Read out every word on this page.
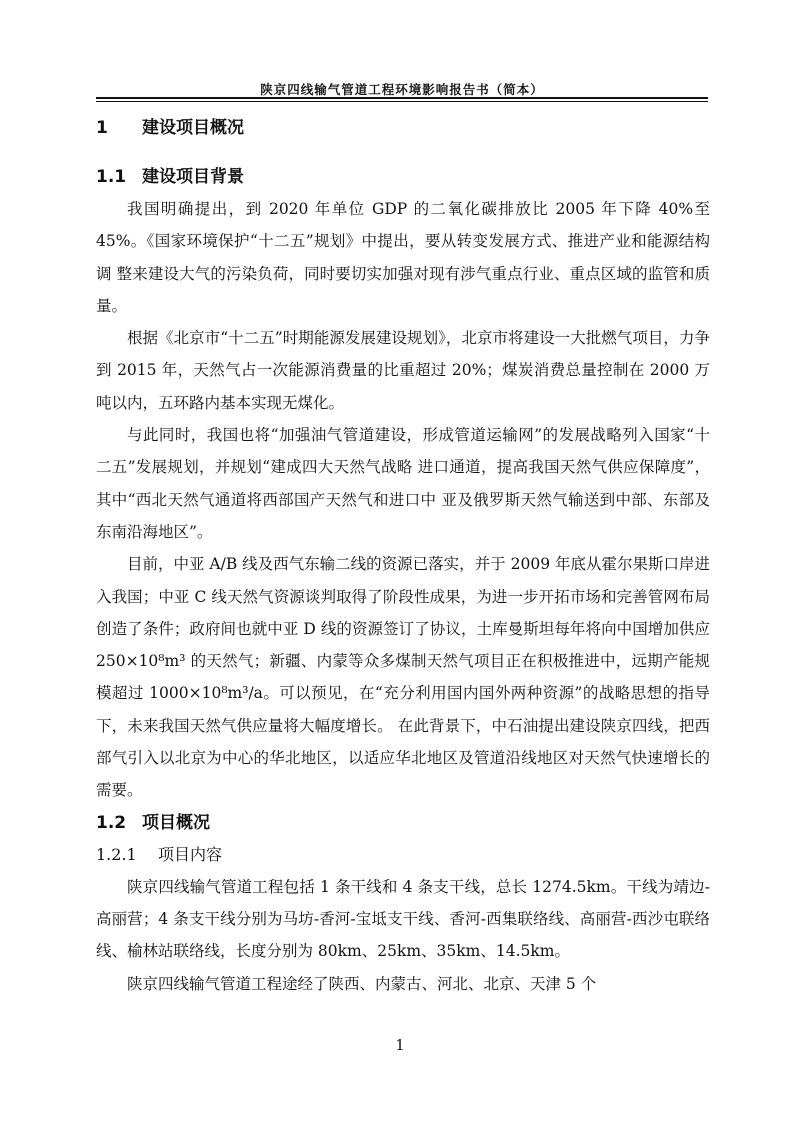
陕京四线输气管道工程环境影响报告书（简本）
1 建设项目概况
1.1 建设项目背景

我国明确提出，到 2020 年单位 GDP 的二氧化碳排放比 2005 年下降 40%至 45%。《国家环境保护“十二五”规划》中提出，要从转变发展方式、推进产业和能源结构调 整来建设大气的污染负荷，同时要切实加强对现有涉气重点行业、重点区域的监管和质量。

根据《北京市“十二五”时期能源发展建设规划》，北京市将建设一大批燃气项目，力争到 2015 年，天然气占一次能源消费量的比重超过 20%；煤炭消费总量控制在 2000 万吨以内，五环路内基本实现无煤化。

与此同时，我国也将“加强油气管道建设，形成管道运输网”的发展战略列入国家“十 二五”发展规划，并规划“建成四大天然气战略 进口通道，提高我国天然气供应保障度”，其中“西北天然气通道将西部国产天然气和进口中 亚及俄罗斯天然气输送到中部、东部及东南沿海地区”。

目前，中亚 A/B 线及西气东输二线的资源已落实，并于 2009 年底从霍尔果斯口岸进入我国；中亚 C 线天然气资源谈判取得了阶段性成果，为进一步开拓市场和完善管网布局创造了条件；政府间也就中亚 D 线的资源签订了协议，土库曼斯坦每年将向中国增加供应 250×10⁸m³ 的天然气；新疆、内蒙等众多煤制天然气项目正在积极推进中，远期产能规模超过 1000×10⁸m³/a。可以预见，在“充分利用国内国外两种资源”的战略思想的指导下，未来我国天然气供应量将大幅度增长。 在此背景下，中石油提出建设陕京四线，把西部气引入以北京为中心的华北地区，以适应华北地区及管道沿线地区对天然气快速增长的需要。

1.2 项目概况
1.2.1 项目内容

陕京四线输气管道工程包括 1 条干线和 4 条支干线，总长 1274.5km。干线为靖边-高丽营；4 条支干线分别为马坊-香河-宝坻支干线、香河-西集联络线、高丽营-西沙屯联络线、榆林站联络线，长度分别为 80km、25km、35km、14.5km。

陕京四线输气管道工程途经了陕西、内蒙古、河北、北京、天津 5 个

1
